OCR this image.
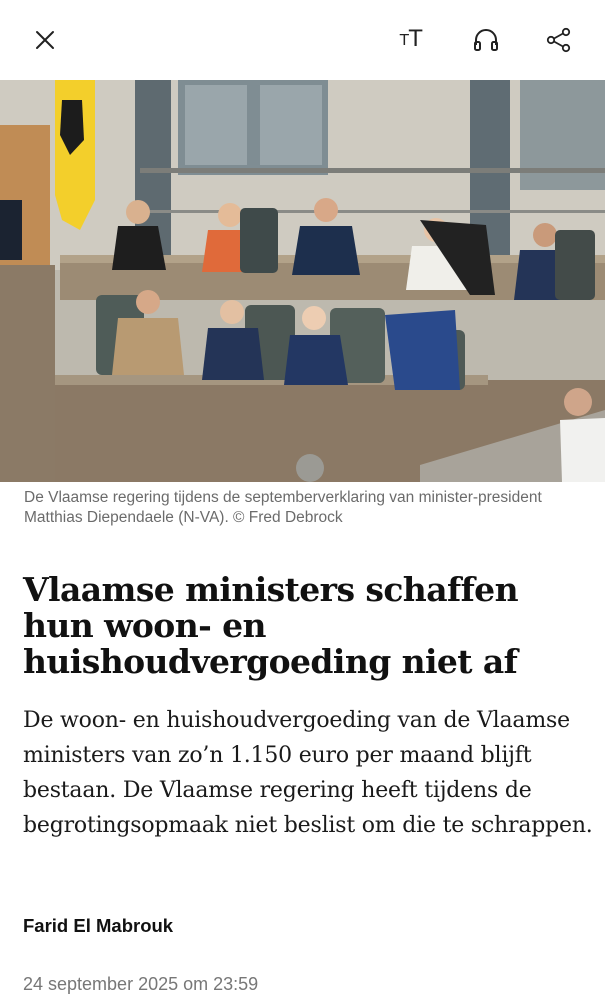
T T
De Vlaamse regering tijdens de septemberverklaring van minister-president Matthias Diependaele (N-VA). © Fred Debrock
Vlaamse ministers schaffen hun woon- en huishoudvergoeding niet af

De woon- en huishoudvergoeding van de Vlaamse ministers van zo’n 1.150 euro per maand blijft bestaan. De Vlaamse regering heeft tijdens de begrotingsopmaak niet beslist om die te schrappen.

Farid El Mabrouk
24 september 2025 om 23:59
